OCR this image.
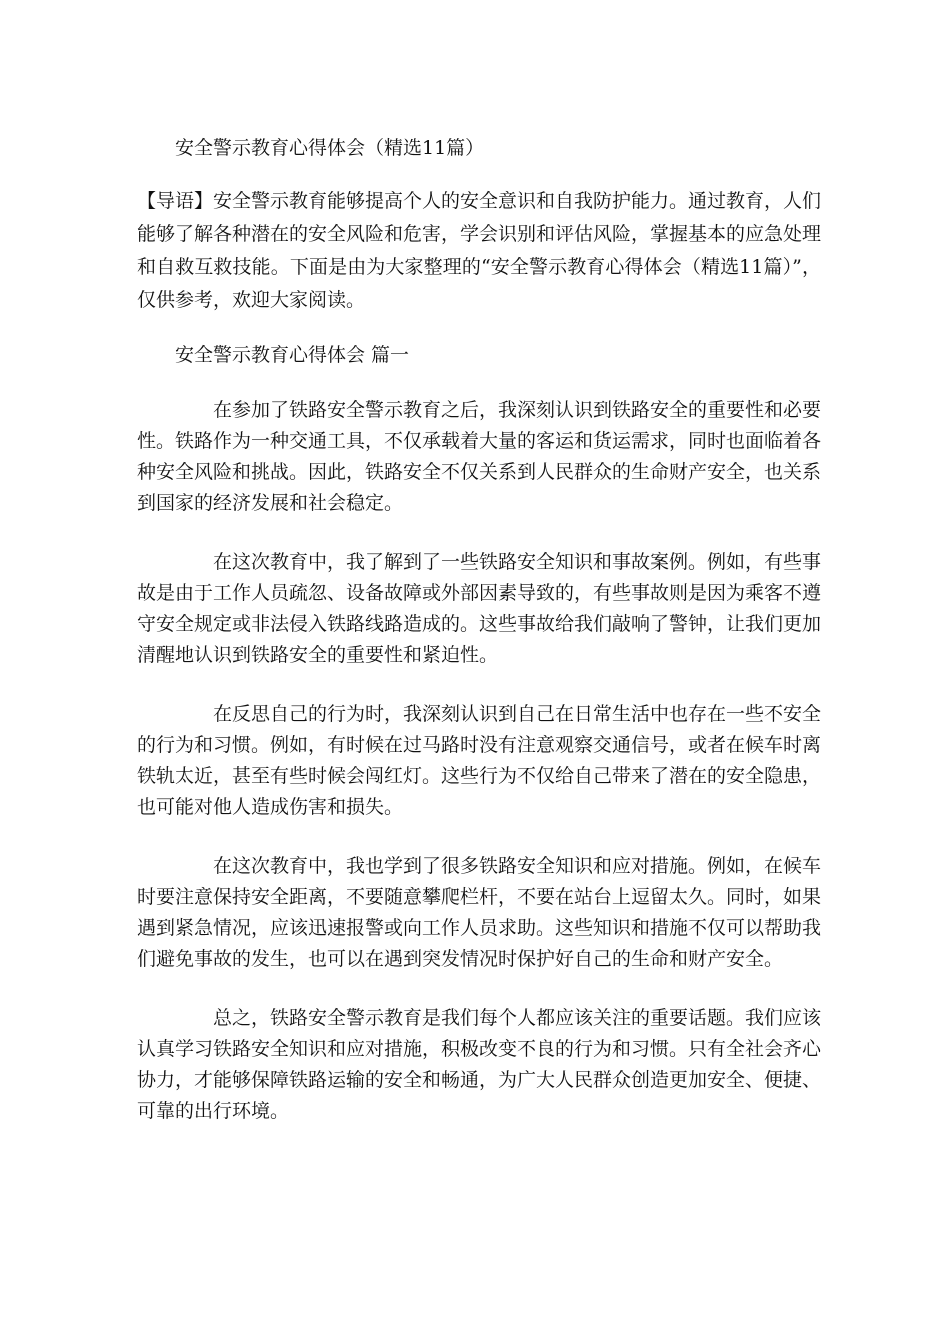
安全警示教育心得体会（精选11篇）
【导语】安全警示教育能够提高个人的安全意识和自我防护能力。通过教育，人们能够了解各种潜在的安全风险和危害，学会识别和评估风险，掌握基本的应急处理和自救互救技能。下面是由为大家整理的“安全警示教育心得体会（精选11篇）”，仅供参考，欢迎大家阅读。
安全警示教育心得体会 篇一

在参加了铁路安全警示教育之后，我深刻认识到铁路安全的重要性和必要性。铁路作为一种交通工具，不仅承载着大量的客运和货运需求，同时也面临着各种安全风险和挑战。因此，铁路安全不仅关系到人民群众的生命财产安全，也关系到国家的经济发展和社会稳定。

在这次教育中，我了解到了一些铁路安全知识和事故案例。例如，有些事故是由于工作人员疏忽、设备故障或外部因素导致的，有些事故则是因为乘客不遵守安全规定或非法侵入铁路线路造成的。这些事故给我们敲响了警钟，让我们更加清醒地认识到铁路安全的重要性和紧迫性。

在反思自己的行为时，我深刻认识到自己在日常生活中也存在一些不安全的行为和习惯。例如，有时候在过马路时没有注意观察交通信号，或者在候车时离铁轨太近，甚至有些时候会闯红灯。这些行为不仅给自己带来了潜在的安全隐患，也可能对他人造成伤害和损失。

在这次教育中，我也学到了很多铁路安全知识和应对措施。例如，在候车时要注意保持安全距离，不要随意攀爬栏杆，不要在站台上逗留太久。同时，如果遇到紧急情况，应该迅速报警或向工作人员求助。这些知识和措施不仅可以帮助我们避免事故的发生，也可以在遇到突发情况时保护好自己的生命和财产安全。

总之，铁路安全警示教育是我们每个人都应该关注的重要话题。我们应该认真学习铁路安全知识和应对措施，积极改变不良的行为和习惯。只有全社会齐心协力，才能够保障铁路运输的安全和畅通，为广大人民群众创造更加安全、便捷、可靠的出行环境。
